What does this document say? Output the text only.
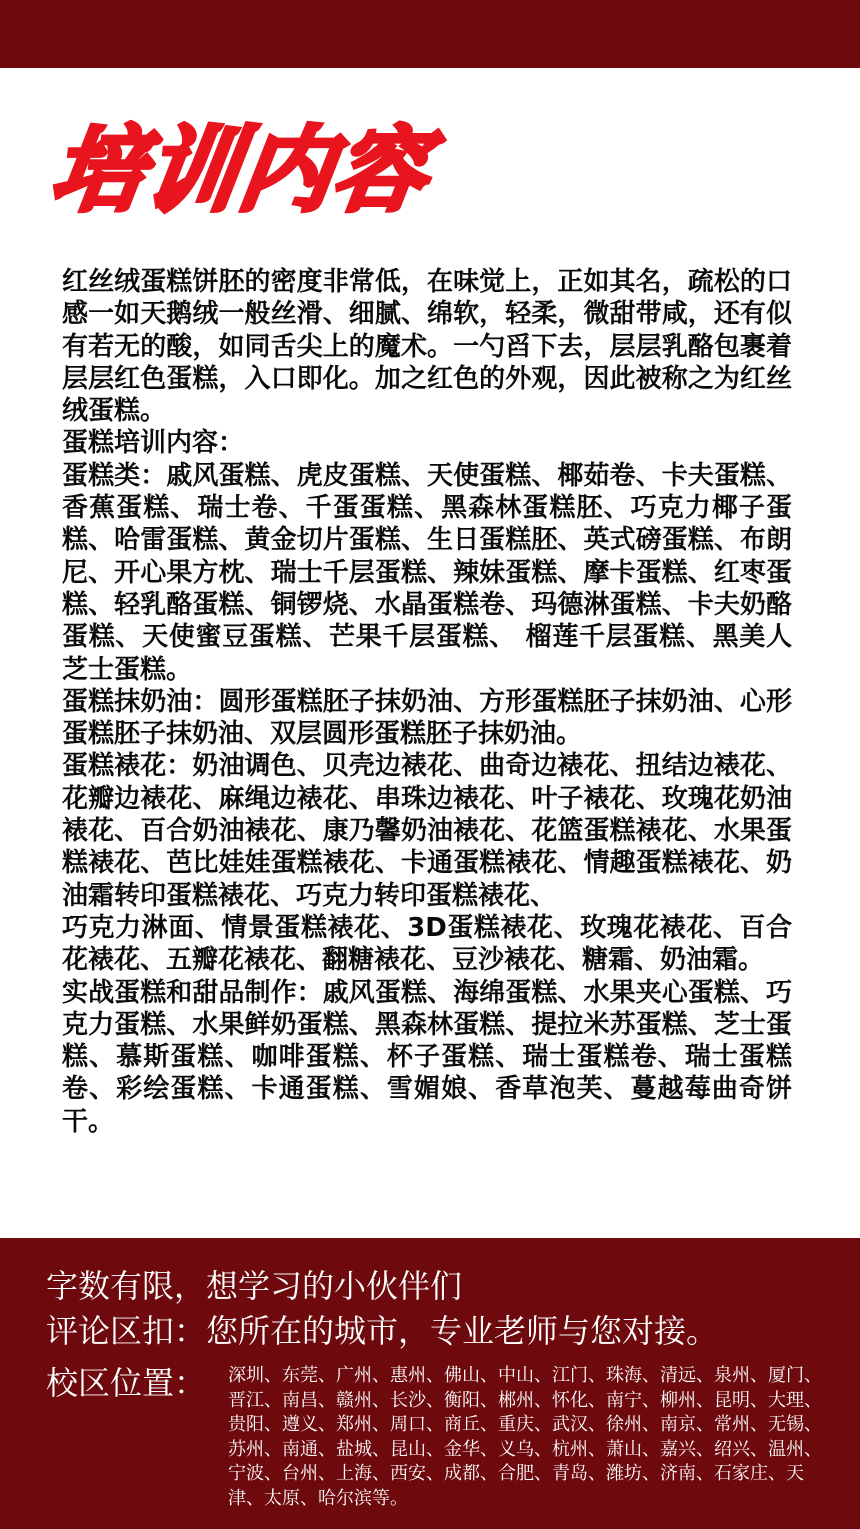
培训内容

红丝绒蛋糕饼胚的密度非常低，在味觉上，正如其名，疏松的口感一如天鹅绒一般丝滑、细腻、绵软，轻柔，微甜带咸，还有似有若无的酸，如同舌尖上的魔术。一勺舀下去，层层乳酪包裹着层层红色蛋糕，入口即化。加之红色的外观，因此被称之为红丝绒蛋糕。

蛋糕培训内容：

蛋糕类：戚风蛋糕、虎皮蛋糕、天使蛋糕、椰茹卷、卡夫蛋糕、香蕉蛋糕、瑞士卷、千蛋蛋糕、黑森林蛋糕胚、巧克力椰子蛋糕、哈雷蛋糕、黄金切片蛋糕、生日蛋糕胚、英式磅蛋糕、布朗尼、开心果方枕、瑞士千层蛋糕、辣妹蛋糕、摩卡蛋糕、红枣蛋糕、轻乳酪蛋糕、铜锣烧、水晶蛋糕卷、玛德淋蛋糕、卡夫奶酪蛋糕、天使蜜豆蛋糕、芒果千层蛋糕、 榴莲千层蛋糕、黑美人芝士蛋糕。

蛋糕抹奶油：圆形蛋糕胚子抹奶油、方形蛋糕胚子抹奶油、心形蛋糕胚子抹奶油、双层圆形蛋糕胚子抹奶油。

蛋糕裱花：奶油调色、贝壳边裱花、曲奇边裱花、扭结边裱花、花瓣边裱花、麻绳边裱花、串珠边裱花、叶子裱花、玫瑰花奶油裱花、百合奶油裱花、康乃馨奶油裱花、花篮蛋糕裱花、水果蛋糕裱花、芭比娃娃蛋糕裱花、卡通蛋糕裱花、情趣蛋糕裱花、奶油霜转印蛋糕裱花、巧克力转印蛋糕裱花、

巧克力淋面、情景蛋糕裱花、3D蛋糕裱花、玫瑰花裱花、百合花裱花、五瓣花裱花、翻糖裱花、豆沙裱花、糖霜、奶油霜。

实战蛋糕和甜品制作：戚风蛋糕、海绵蛋糕、水果夹心蛋糕、巧克力蛋糕、水果鲜奶蛋糕、黑森林蛋糕、提拉米苏蛋糕、芝士蛋糕、慕斯蛋糕、咖啡蛋糕、杯子蛋糕、瑞士蛋糕卷、瑞士蛋糕卷、彩绘蛋糕、卡通蛋糕、雪媚娘、香草泡芙、蔓越莓曲奇饼干。

字数有限，想学习的小伙伴们
评论区扣：您所在的城市，专业老师与您对接。
校区位置： 深圳、东莞、广州、惠州、佛山、中山、江门、珠海、清远、泉州、厦门、晋江、南昌、赣州、长沙、衡阳、郴州、怀化、南宁、柳州、昆明、大理、贵阳、遵义、郑州、周口、商丘、重庆、武汉、徐州、南京、常州、无锡、苏州、南通、盐城、昆山、金华、义乌、杭州、萧山、嘉兴、绍兴、温州、宁波、台州、上海、西安、成都、合肥、青岛、潍坊、济南、石家庄、天津、太原、哈尔滨等。
